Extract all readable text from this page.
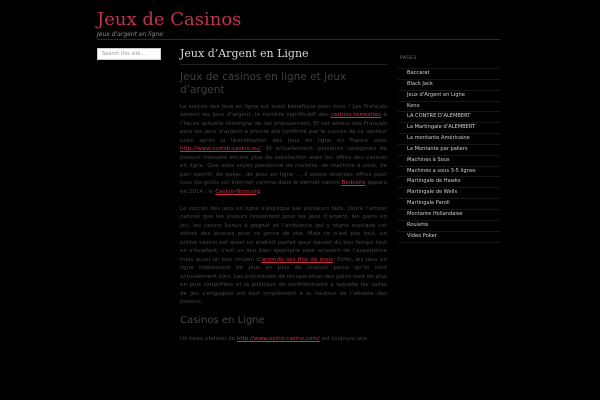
Jeux de Casinos
Jeux d'argent en ligne
Search this site...	Jeux d’Argent en Ligne
Jeux de casinos en ligne et jeux d’argent

Le succès des jeux en ligne est aussi bénéfique pour vous ! Les Français aiment les jeux d’argent, le nombre significatif des casinos terrestres à l’heure actuelle témoigne de cet engouement. Et cet amour des Français pour les jeux d’argent a encore été confirmé par le succès de ce secteur juste après la libéralisation des jeux en ligne en France avec http://www.coolsb-casino.eu/. Et actuellement, plusieurs catégories de joueurs trouvent encore plus de satisfaction avec les offres des casinos en ligne. Que vous soyez passionné de roulette, de machine à sous, de pari sportif, de poker, de jeux en ligne ... il existe diverses offres pour tous les goûts sur internet comme dans le dernier casino Bedslots apparu en 2014 : le Casino-Nom.org.

Le succès des jeux en ligne s’explique par plusieurs faits. Outre l’amour naturel que les joueurs ressentent pour les jeux d’argent, les gains en jeu, les casino bonus à gagner et l’ambiance qui y règne explique cet attrait des joueurs pour ce genre de site. Mais ce n’est pas tout, un online casino est aussi un endroit parfait pour passer du bon temps tout en s’évadant, c’est un lieu bien approprié pour acquérir de l’expérience mais aussi un bon moyen d’arrondir ses fins de mois. Enfin, les jeux en ligne intéressent de plus en plus de joueurs parce qu’ils sont actuellement sûrs. Les procédures de récupération des gains sont de plus en plus simplifiées et la politique de confidentialité à laquelle les salles de jeu s’engagent est tout simplement à la hauteur de l’attente des joueurs.

Casinos en Ligne

Un beau plateau de http://www.osirio-casino.com/ est toujours une

PAGES
Baccarat
Black Jack
Jeux d’Argent en Ligne
Keno
LA CONTRE D’ALEMBERT
La Martingale d’ALEMBERT
La montante Américaine
La Montante par paliers
Machines à Sous
Machines a sous 3-5 lignes
Martingale de Hawks
Martingale de Wells
Martingale Paroli
Montante Hollandaise
Roulette
Video Poker
